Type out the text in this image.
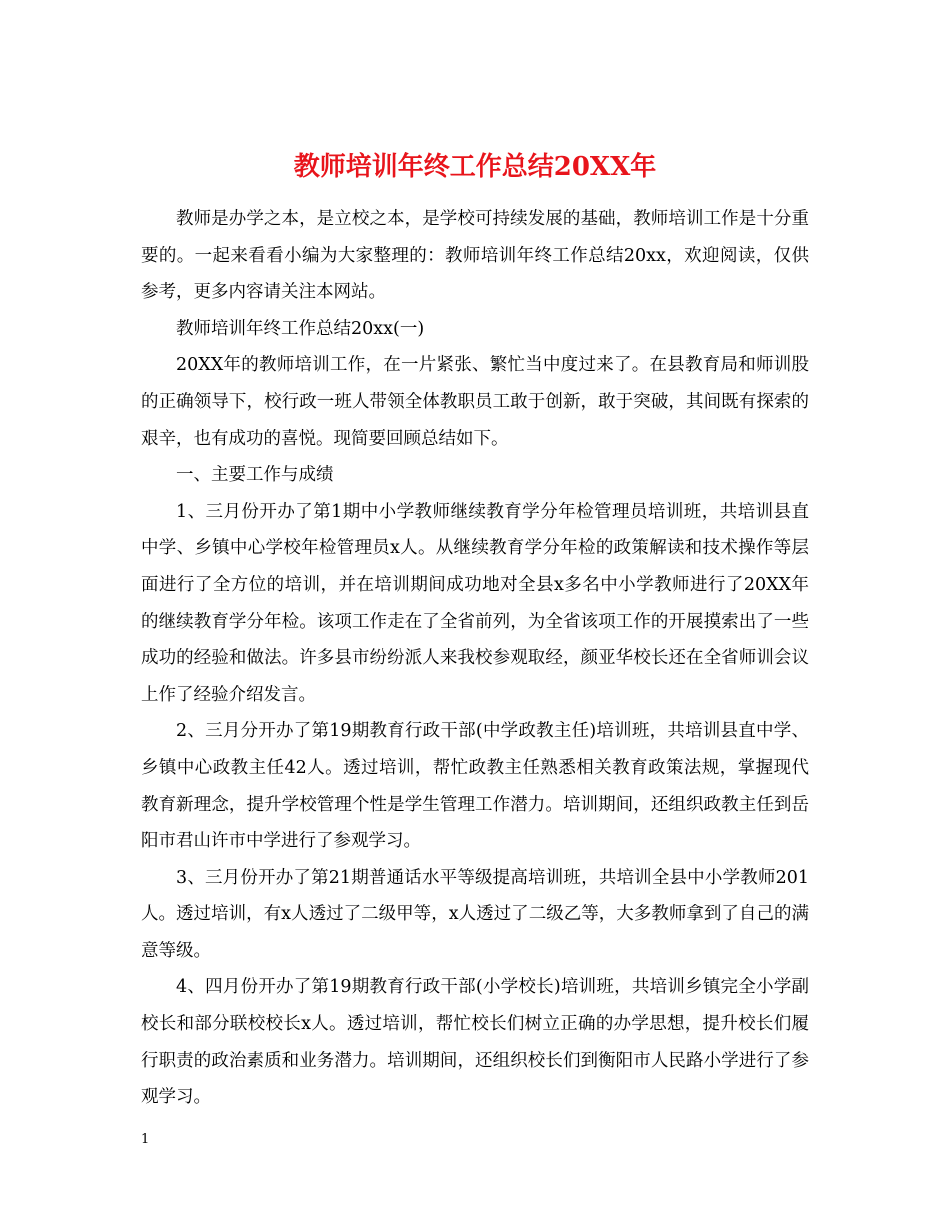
教师培训年终工作总结20XX年

教师是办学之本，是立校之本，是学校可持续发展的基础，教师培训工作是十分重要的。一起来看看小编为大家整理的：教师培训年终工作总结20xx，欢迎阅读，仅供参考，更多内容请关注本网站。

教师培训年终工作总结20xx(一)

20XX年的教师培训工作，在一片紧张、繁忙当中度过来了。在县教育局和师训股的正确领导下，校行政一班人带领全体教职员工敢于创新，敢于突破，其间既有探索的艰辛，也有成功的喜悦。现简要回顾总结如下。

一、主要工作与成绩

1、三月份开办了第1期中小学教师继续教育学分年检管理员培训班，共培训县直中学、乡镇中心学校年检管理员x人。从继续教育学分年检的政策解读和技术操作等层面进行了全方位的培训，并在培训期间成功地对全县x多名中小学教师进行了20XX年的继续教育学分年检。该项工作走在了全省前列，为全省该项工作的开展摸索出了一些成功的经验和做法。许多县市纷纷派人来我校参观取经，颜亚华校长还在全省师训会议上作了经验介绍发言。

2、三月分开办了第19期教育行政干部(中学政教主任)培训班，共培训县直中学、乡镇中心政教主任42人。透过培训，帮忙政教主任熟悉相关教育政策法规，掌握现代教育新理念，提升学校管理个性是学生管理工作潜力。培训期间，还组织政教主任到岳阳市君山许市中学进行了参观学习。

3、三月份开办了第21期普通话水平等级提高培训班，共培训全县中小学教师201人。透过培训，有x人透过了二级甲等，x人透过了二级乙等，大多教师拿到了自己的满意等级。

4、四月份开办了第19期教育行政干部(小学校长)培训班，共培训乡镇完全小学副校长和部分联校校长x人。透过培训，帮忙校长们树立正确的办学思想，提升校长们履行职责的政治素质和业务潜力。培训期间，还组织校长们到衡阳市人民路小学进行了参观学习。

1
